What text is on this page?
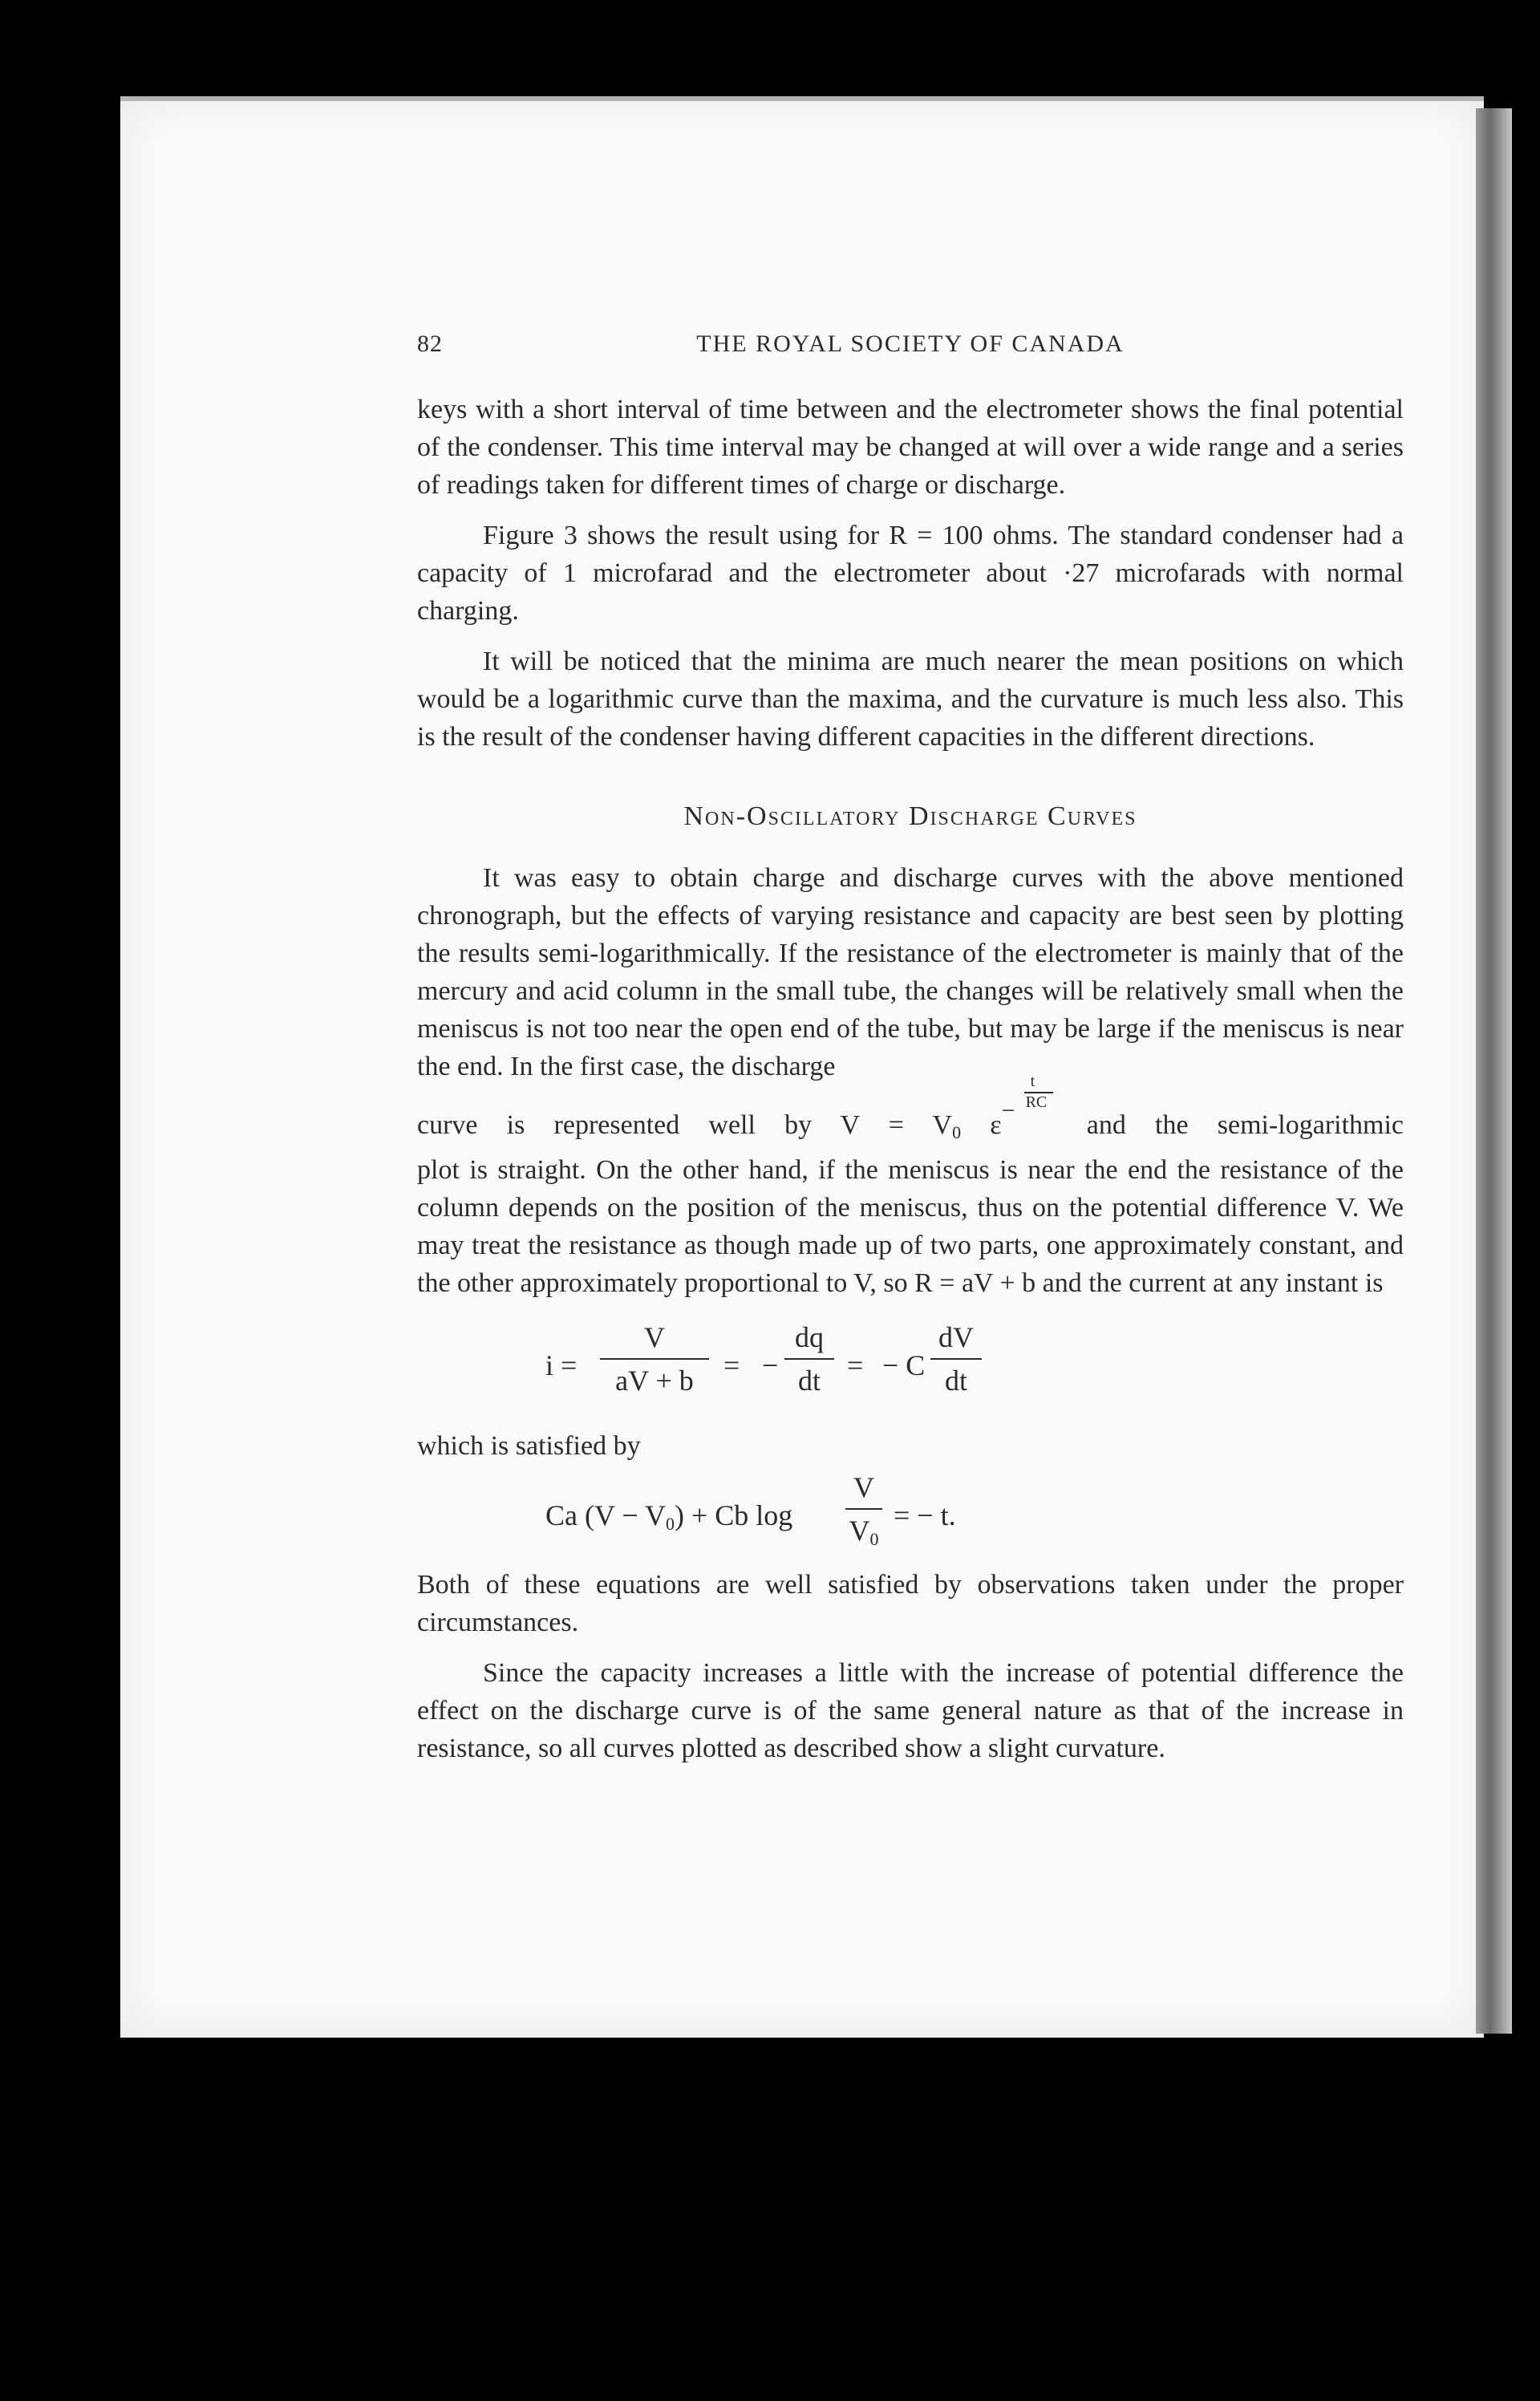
82	THE ROYAL SOCIETY OF CANADA

keys with a short interval of time between and the electrometer shows the final potential of the condenser. This time interval may be changed at will over a wide range and a series of readings taken for different times of charge or discharge.

Figure 3 shows the result using for R = 100 ohms. The standard condenser had a capacity of 1 microfarad and the electrometer about ·27 microfarads with normal charging.

It will be noticed that the minima are much nearer the mean positions on which would be a logarithmic curve than the maxima, and the curvature is much less also. This is the result of the condenser having different capacities in the different directions.

Non-Oscillatory Discharge Curves

It was easy to obtain charge and discharge curves with the above mentioned chronograph, but the effects of varying resistance and capacity are best seen by plotting the results semi-logarithmically. If the resistance of the electrometer is mainly that of the mercury and acid column in the small tube, the changes will be relatively small when the meniscus is not too near the open end of the tube, but may be large if the meniscus is near the end. In the first case, the discharge

curve is represented well by $V = V_0$ ε −
t
RC
and the semi-logarithmic

plot is straight. On the other hand, if the meniscus is near the end the resistance of the column depends on the position of the meniscus, thus on the potential difference V. We may treat the resistance as though made up of two parts, one approximately constant, and the other approximately proportional to V, so R = aV + b and the current at any instant is

i =
V
aV + b	= −
dq
dt = − C
dV
dt

which is satisfied by

Ca $(V - V_0) + Cb$ log
V
$V_0$
= − t.

Both of these equations are well satisfied by observations taken under the proper circumstances.

Since the capacity increases a little with the increase of potential difference the effect on the discharge curve is of the same general nature as that of the increase in resistance, so all curves plotted as described show a slight curvature.
